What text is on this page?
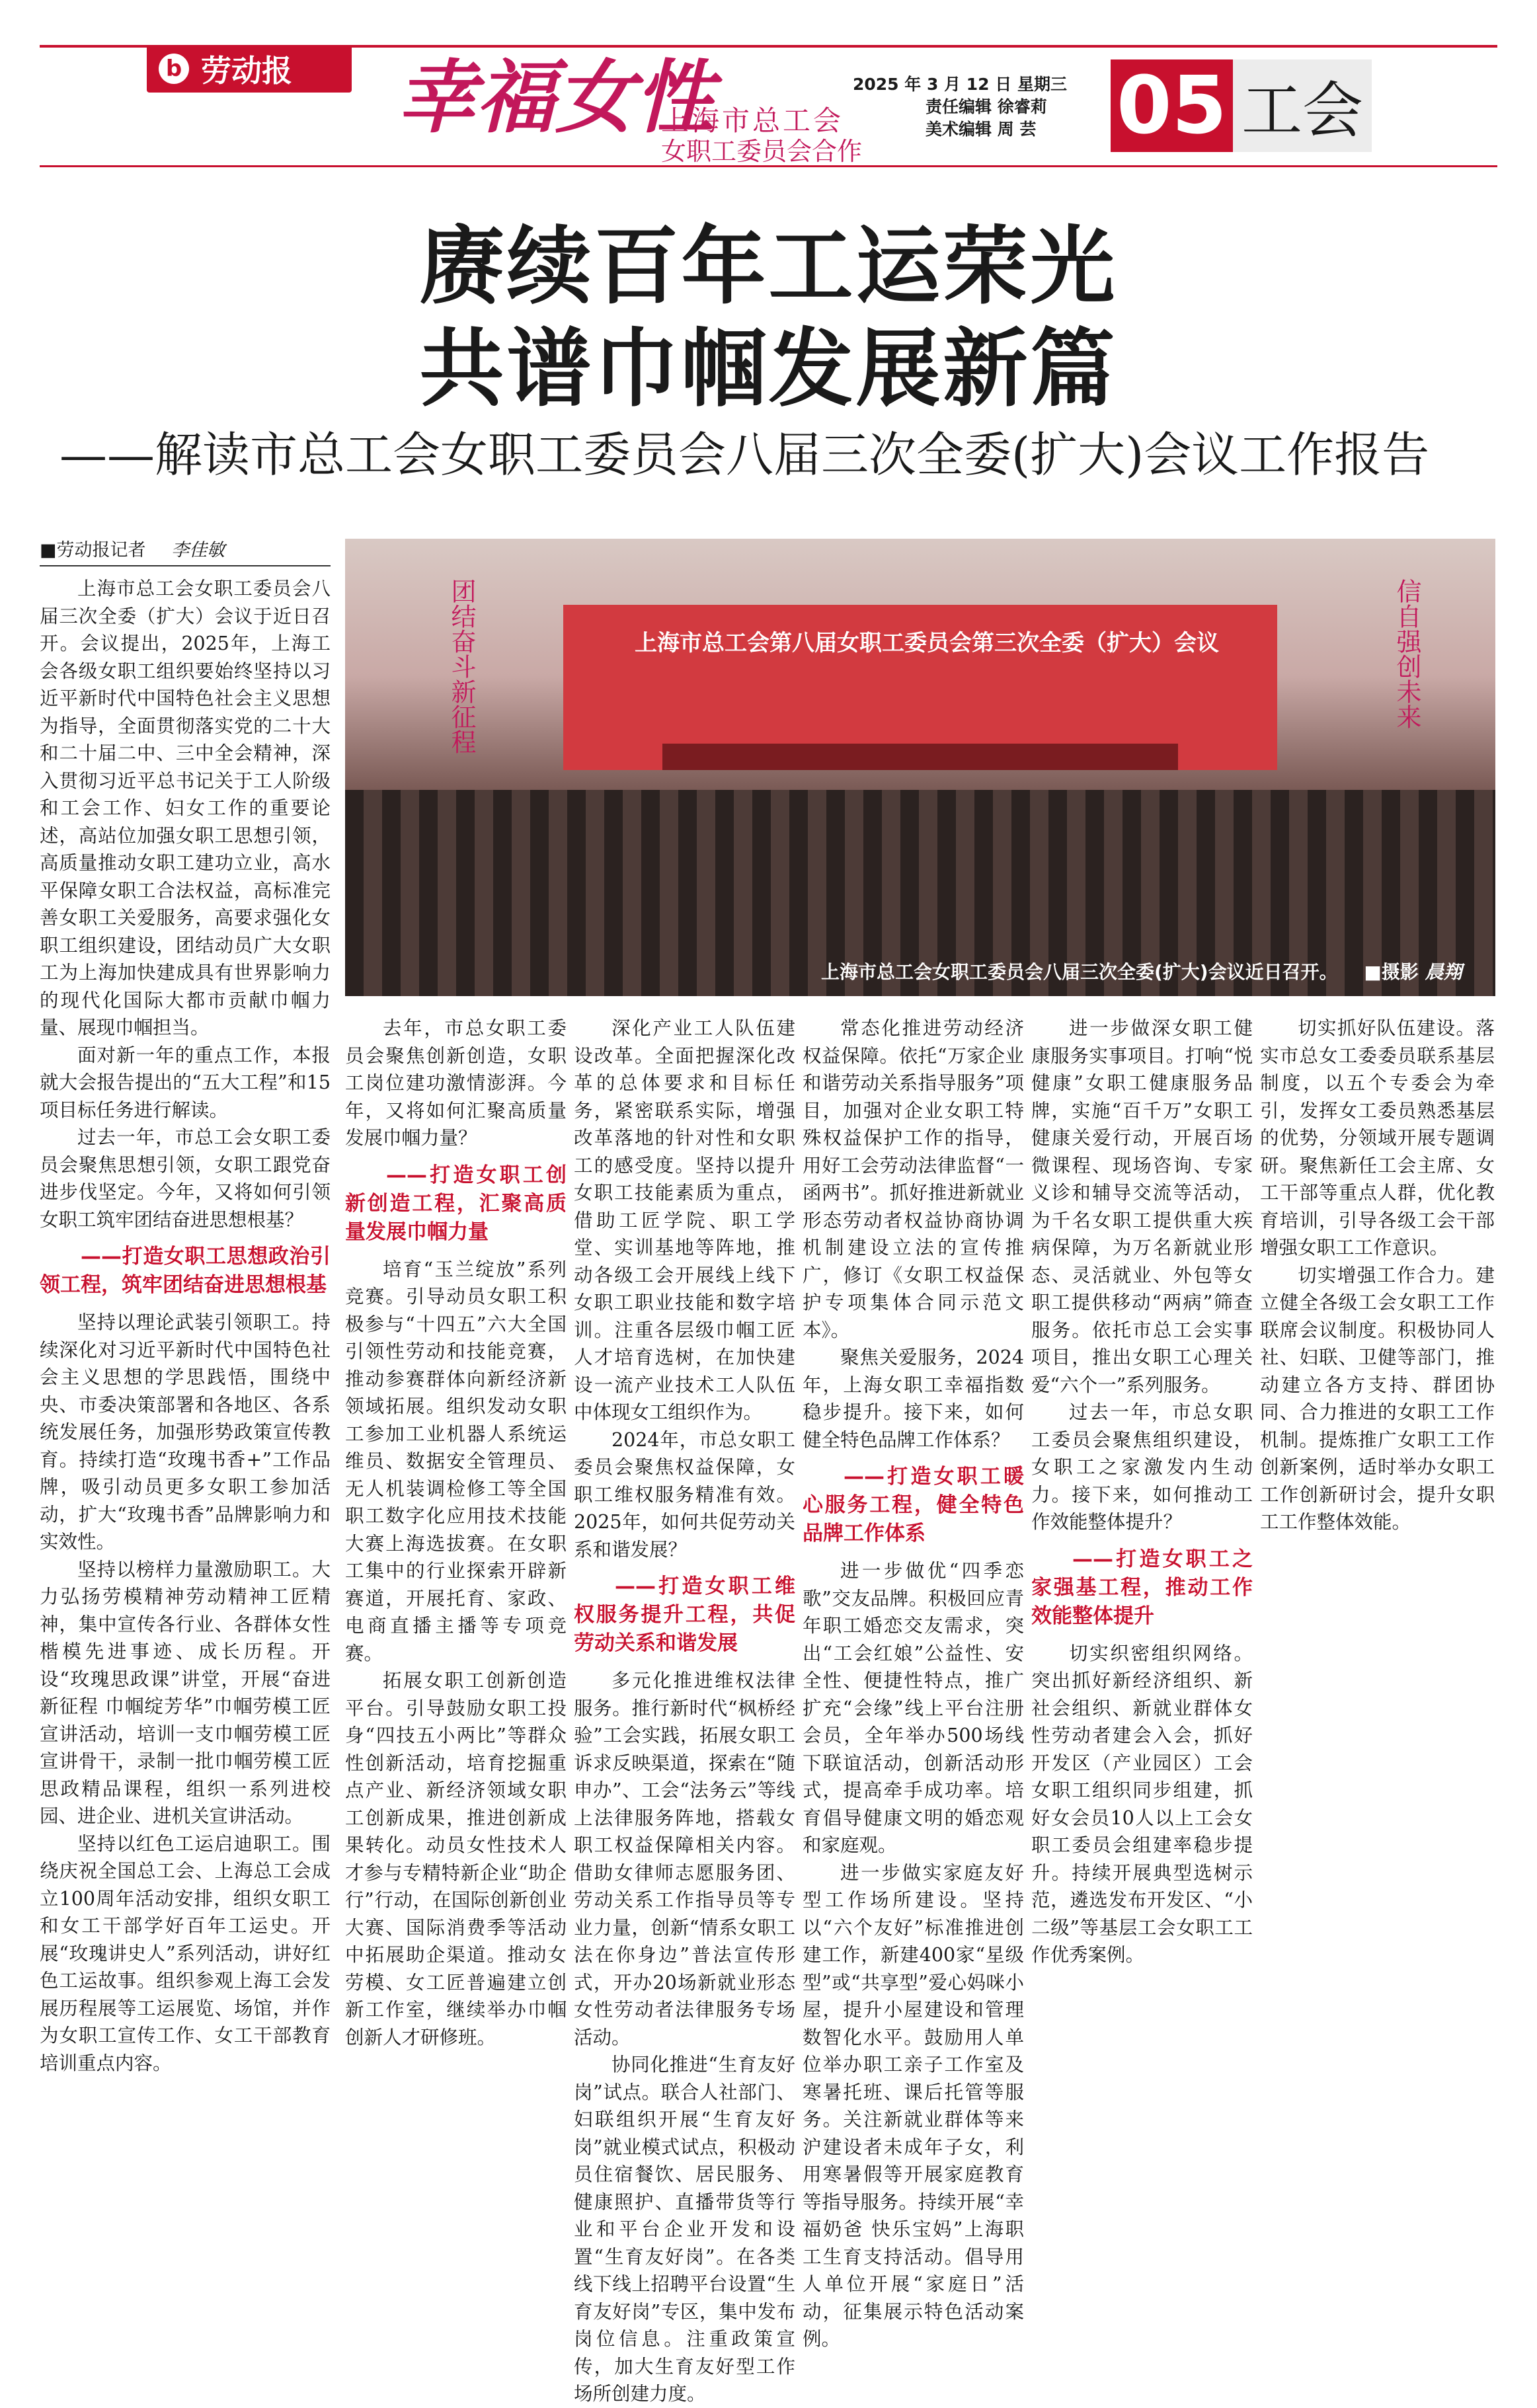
b 劳动报 幸福女性
上海市总工会
女职工委员会合作
2025 年 3 月 12 日 星期三
责任编辑 徐睿莉
美术编辑 周 芸 05 工会
赓续百年工运荣光
共谱巾帼发展新篇
——解读市总工会女职工委员会八届三次全委(扩大)会议工作报告
■劳动报记者 李佳敏
上海市总工会第八届女职工委员会第三次全委（扩大）会议
团结奋斗新征程	信自强创未来
上海市总工会女职工委员会八届三次全委(扩大)会议近日召开。 ■摄影 晨翔

上海市总工会女职工委员会八届三次全委（扩大）会议于近日召开。会议提出，2025年，上海工会各级女职工组织要始终坚持以习近平新时代中国特色社会主义思想为指导，全面贯彻落实党的二十大和二十届二中、三中全会精神，深入贯彻习近平总书记关于工人阶级和工会工作、妇女工作的重要论述，高站位加强女职工思想引领，高质量推动女职工建功立业，高水平保障女职工合法权益，高标准完善女职工关爱服务，高要求强化女职工组织建设，团结动员广大女职工为上海加快建成具有世界影响力的现代化国际大都市贡献巾帼力量、展现巾帼担当。

面对新一年的重点工作，本报就大会报告提出的“五大工程”和15项目标任务进行解读。

过去一年，市总工会女职工委员会聚焦思想引领，女职工跟党奋进步伐坚定。今年，又将如何引领女职工筑牢团结奋进思想根基？

——打造女职工思想政治引领工程，筑牢团结奋进思想根基

坚持以理论武装引领职工。持续深化对习近平新时代中国特色社会主义思想的学思践悟，围绕中央、市委决策部署和各地区、各系统发展任务，加强形势政策宣传教育。持续打造“玫瑰书香+”工作品牌，吸引动员更多女职工参加活动，扩大“玫瑰书香”品牌影响力和实效性。

坚持以榜样力量激励职工。大力弘扬劳模精神劳动精神工匠精神，集中宣传各行业、各群体女性楷模先进事迹、成长历程。开设“玫瑰思政课”讲堂，开展“奋进新征程 巾帼绽芳华”巾帼劳模工匠宣讲活动，培训一支巾帼劳模工匠宣讲骨干，录制一批巾帼劳模工匠思政精品课程，组织一系列进校园、进企业、进机关宣讲活动。

坚持以红色工运启迪职工。围绕庆祝全国总工会、上海总工会成立100周年活动安排，组织女职工和女工干部学好百年工运史。开展“玫瑰讲史人”系列活动，讲好红色工运故事。组织参观上海工会发展历程展等工运展览、场馆，并作为女职工宣传工作、女工干部教育培训重点内容。

去年，市总女职工委员会聚焦创新创造，女职工岗位建功激情澎湃。今年，又将如何汇聚高质量发展巾帼力量？

——打造女职工创新创造工程，汇聚高质量发展巾帼力量

培育“玉兰绽放”系列竞赛。引导动员女职工积极参与“十四五”六大全国引领性劳动和技能竞赛，推动参赛群体向新经济新领域拓展。组织发动女职工参加工业机器人系统运维员、数据安全管理员、无人机装调检修工等全国职工数字化应用技术技能大赛上海选拔赛。在女职工集中的行业探索开辟新赛道，开展托育、家政、电商直播主播等专项竞赛。

拓展女职工创新创造平台。引导鼓励女职工投身“四技五小两比”等群众性创新活动，培育挖掘重点产业、新经济领域女职工创新成果，推进创新成果转化。动员女性技术人才参与专精特新企业“助企行”行动，在国际创新创业大赛、国际消费季等活动中拓展助企渠道。推动女劳模、女工匠普遍建立创新工作室，继续举办巾帼创新人才研修班。

深化产业工人队伍建设改革。全面把握深化改革的总体要求和目标任务，紧密联系实际，增强改革落地的针对性和女职工的感受度。坚持以提升女职工技能素质为重点，借助工匠学院、职工学堂、实训基地等阵地，推动各级工会开展线上线下女职工职业技能和数字培训。注重各层级巾帼工匠人才培育选树，在加快建设一流产业技术工人队伍中体现女工组织作为。

2024年，市总女职工委员会聚焦权益保障，女职工维权服务精准有效。2025年，如何共促劳动关系和谐发展？

——打造女职工维权服务提升工程，共促劳动关系和谐发展

多元化推进维权法律服务。推行新时代“枫桥经验”工会实践，拓展女职工诉求反映渠道，探索在“随申办”、工会“法务云”等线上法律服务阵地，搭载女职工权益保障相关内容。借助女律师志愿服务团、劳动关系工作指导员等专业力量，创新“情系女职工 法在你身边”普法宣传形式，开办20场新就业形态女性劳动者法律服务专场活动。

协同化推进“生育友好岗”试点。联合人社部门、妇联组织开展“生育友好岗”就业模式试点，积极动员住宿餐饮、居民服务、健康照护、直播带货等行业和平台企业开发和设置“生育友好岗”。在各类线下线上招聘平台设置“生育友好岗”专区，集中发布岗位信息。注重政策宣传，加大生育友好型工作场所创建力度。

常态化推进劳动经济权益保障。依托“万家企业和谐劳动关系指导服务”项目，加强对企业女职工特殊权益保护工作的指导，用好工会劳动法律监督“一函两书”。抓好推进新就业形态劳动者权益协商协调机制建设立法的宣传推广，修订《女职工权益保护专项集体合同示范文本》。

聚焦关爱服务，2024年，上海女职工幸福指数稳步提升。接下来，如何健全特色品牌工作体系？

——打造女职工暖心服务工程，健全特色品牌工作体系

进一步做优“四季恋歌”交友品牌。积极回应青年职工婚恋交友需求，突出“工会红娘”公益性、安全性、便捷性特点，推广扩充“会缘”线上平台注册会员，全年举办500场线下联谊活动，创新活动形式，提高牵手成功率。培育倡导健康文明的婚恋观和家庭观。

进一步做实家庭友好型工作场所建设。坚持以“六个友好”标准推进创建工作，新建400家“星级型”或“共享型”爱心妈咪小屋，提升小屋建设和管理数智化水平。鼓励用人单位举办职工亲子工作室及寒暑托班、课后托管等服务。关注新就业群体等来沪建设者未成年子女，利用寒暑假等开展家庭教育等指导服务。持续开展“幸福奶爸 快乐宝妈”上海职工生育支持活动。倡导用人单位开展“家庭日”活动，征集展示特色活动案例。

进一步做深女职工健康服务实事项目。打响“悦健康”女职工健康服务品牌，实施“百千万”女职工健康关爱行动，开展百场微课程、现场咨询、专家义诊和辅导交流等活动，为千名女职工提供重大疾病保障，为万名新就业形态、灵活就业、外包等女职工提供移动“两病”筛查服务。依托市总工会实事项目，推出女职工心理关爱“六个一”系列服务。

过去一年，市总女职工委员会聚焦组织建设，女职工之家激发内生动力。接下来，如何推动工作效能整体提升？

——打造女职工之家强基工程，推动工作效能整体提升

切实织密组织网络。突出抓好新经济组织、新社会组织、新就业群体女性劳动者建会入会，抓好开发区（产业园区）工会女职工组织同步组建，抓好女会员10人以上工会女职工委员会组建率稳步提升。持续开展典型选树示范，遴选发布开发区、“小二级”等基层工会女职工工作优秀案例。

切实抓好队伍建设。落实市总女工委委员联系基层制度，以五个专委会为牵引，发挥女工委员熟悉基层的优势，分领域开展专题调研。聚焦新任工会主席、女工干部等重点人群，优化教育培训，引导各级工会干部增强女职工工作意识。

切实增强工作合力。建立健全各级工会女职工工作联席会议制度。积极协同人社、妇联、卫健等部门，推动建立各方支持、群团协同、合力推进的女职工工作机制。提炼推广女职工工作创新案例，适时举办女职工工作创新研讨会，提升女职工工作整体效能。
